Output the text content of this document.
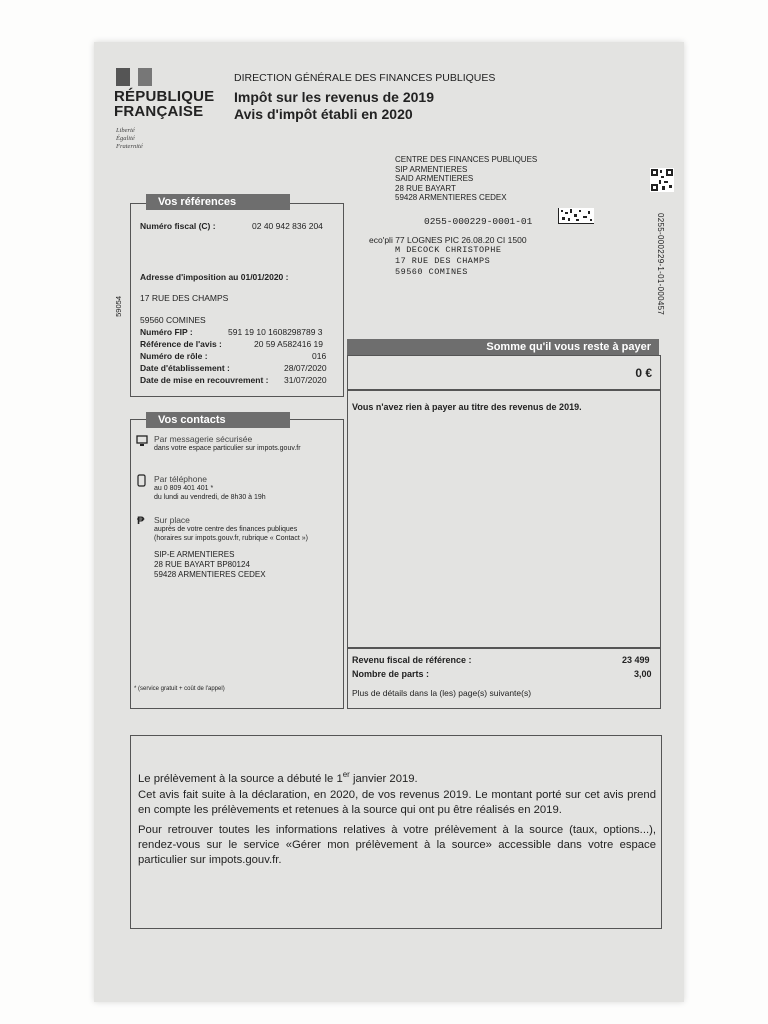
RÉPUBLIQUE
FRANÇAISE
Liberté
Égalité
Fraternité
DIRECTION GÉNÉRALE DES FINANCES PUBLIQUES
Impôt sur les revenus de 2019
Avis d'impôt établi en 2020
CENTRE DES FINANCES PUBLIQUES
SIP ARMENTIERES
SAID ARMENTIERES
28 RUE BAYART
59428 ARMENTIERES CEDEX
0255-000229-0001-01	0255-000229-1-01-000457
59054
eco'pli 77 LOGNES PIC 26.08.20 CI 1500
M DECOCK CHRISTOPHE
17 RUE DES CHAMPS
59560 COMINES
Vos références
Numéro fiscal (C) :	02 40 942 836 204
Adresse d'imposition au 01/01/2020 :
17 RUE DES CHAMPS
59560 COMINES
Numéro FIP :	591 19 10 1608298789 3
Référence de l'avis :	20 59 A582416 19
Numéro de rôle :	016
Date d'établissement :	28/07/2020
Date de mise en recouvrement : 31/07/2020
Vos contacts
Par messagerie sécurisée
dans votre espace particulier sur impots.gouv.fr
Par téléphone
au 0 809 401 401 *
du lundi au vendredi, de 8h30 à 19h
₱ Sur place
auprès de votre centre des finances publiques
(horaires sur impots.gouv.fr, rubrique « Contact »)
SIP-E ARMENTIERES
28 RUE BAYART BP80124
59428 ARMENTIERES CEDEX
* (service gratuit + coût de l'appel)
Somme qu'il vous reste à payer
0 €
Vous n'avez rien à payer au titre des revenus de 2019.
Revenu fiscal de référence :	23 499
Nombre de parts :	3,00
Plus de détails dans la (les) page(s) suivante(s)
Le prélèvement à la source a débuté le 1er janvier 2019.
Cet avis fait suite à la déclaration, en 2020, de vos revenus 2019. Le montant porté sur cet avis prend en compte les prélèvements et retenues à la source qui ont pu être réalisés en 2019.
Pour retrouver toutes les informations relatives à votre prélèvement à la source (taux, options...), rendez-vous sur le service «Gérer mon prélèvement à la source» accessible dans votre espace particulier sur impots.gouv.fr.
